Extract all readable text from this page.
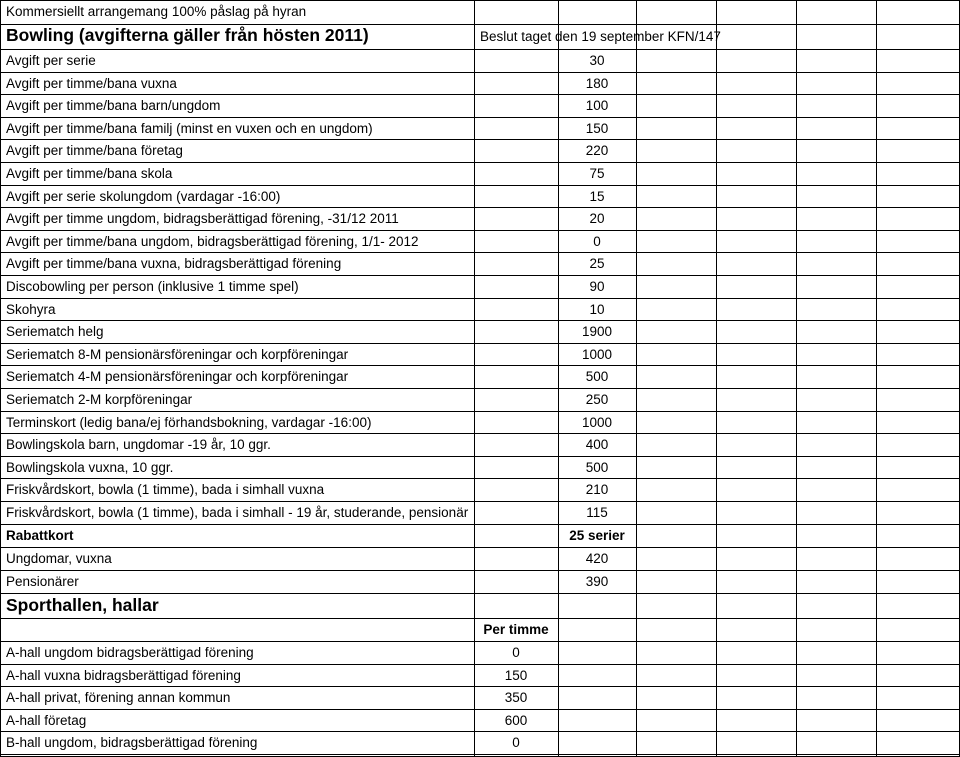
Kommersiellt arrangemang 100% påslag på hyran
Bowling (avgifterna gäller från hösten 2011)	Beslut taget den 19 september KFN/147
Avgift per serie	30
Avgift per timme/bana vuxna	180
Avgift per timme/bana barn/ungdom	100
Avgift per timme/bana familj (minst en vuxen och en ungdom)	150
Avgift per timme/bana företag	220
Avgift per timme/bana skola	75
Avgift per serie skolungdom (vardagar -16:00)	15
Avgift per timme ungdom, bidragsberättigad förening, -31/12 2011	20
Avgift per timme/bana ungdom, bidragsberättigad förening, 1/1- 2012	0
Avgift per timme/bana vuxna, bidragsberättigad förening	25
Discobowling per person (inklusive 1 timme spel)	90
Skohyra	10
Seriematch helg	1900
Seriematch 8-M pensionärsföreningar och korpföreningar	1000
Seriematch 4-M pensionärsföreningar och korpföreningar	500
Seriematch 2-M korpföreningar	250
Terminskort (ledig bana/ej förhandsbokning, vardagar -16:00)	1000
Bowlingskola barn, ungdomar -19 år, 10 ggr.	400
Bowlingskola vuxna, 10 ggr.	500
Friskvårdskort, bowla (1 timme), bada i simhall vuxna	210
Friskvårdskort, bowla (1 timme), bada i simhall - 19 år, studerande, pensionär	115
Rabattkort	25 serier
Ungdomar, vuxna	420
Pensionärer	390
Sporthallen, hallar
Per timme
A-hall ungdom bidragsberättigad förening	0
A-hall vuxna bidragsberättigad förening	150
A-hall privat, förening annan kommun	350
A-hall företag	600
B-hall ungdom, bidragsberättigad förening	0
